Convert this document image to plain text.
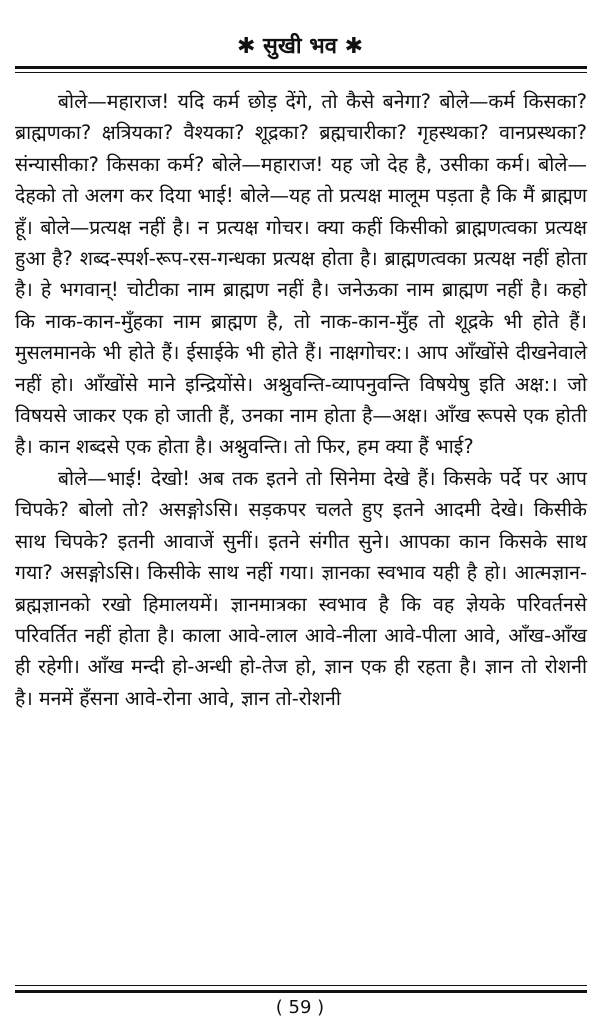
✱ सुखी भव ✱

बोले—महाराज! यदि कर्म छोड़ देंगे, तो कैसे बनेगा? बोले—कर्म किसका? ब्राह्मणका? क्षत्रियका? वैश्यका? शूद्रका? ब्रह्मचारीका? गृहस्थका? वानप्रस्थका? संन्यासीका? किसका कर्म? बोले—महाराज! यह जो देह है, उसीका कर्म। बोले—देहको तो अलग कर दिया भाई! बोले—यह तो प्रत्यक्ष मालूम पड़ता है कि मैं ब्राह्मण हूँ। बोले—प्रत्यक्ष नहीं है। न प्रत्यक्ष गोचर। क्या कहीं किसीको ब्राह्मणत्वका प्रत्यक्ष हुआ है? शब्द-स्पर्श-रूप-रस-गन्धका प्रत्यक्ष होता है। ब्राह्मणत्वका प्रत्यक्ष नहीं होता है। हे भगवान्! चोटीका नाम ब्राह्मण नहीं है। जनेऊका नाम ब्राह्मण नहीं है। कहो कि नाक-कान-मुँहका नाम ब्राह्मण है, तो नाक-कान-मुँह तो शूद्रके भी होते हैं। मुसलमानके भी होते हैं। ईसाईके भी होते हैं। नाक्षगोचर:। आप आँखोंसे दीखनेवाले नहीं हो। आँखोंसे माने इन्द्रियोंसे। अश्नुवन्ति-व्यापनुवन्ति विषयेषु इति अक्ष:। जो विषयसे जाकर एक हो जाती हैं, उनका नाम होता है—अक्ष। आँख रूपसे एक होती है। कान शब्दसे एक होता है। अश्नुवन्ति। तो फिर, हम क्या हैं भाई?

बोले—भाई! देखो! अब तक इतने तो सिनेमा देखे हैं। किसके पर्दे पर आप चिपके? बोलो तो? असङ्गोऽसि। सड़कपर चलते हुए इतने आदमी देखे। किसीके साथ चिपके? इतनी आवाजें सुनीं। इतने संगीत सुने। आपका कान किसके साथ गया? असङ्गोऽसि। किसीके साथ नहीं गया। ज्ञानका स्वभाव यही है हो। आत्मज्ञान-ब्रह्मज्ञानको रखो हिमालयमें। ज्ञानमात्रका स्वभाव है कि वह ज्ञेयके परिवर्तनसे परिवर्तित नहीं होता है। काला आवे-लाल आवे-नीला आवे-पीला आवे, आँख-आँख ही रहेगी। आँख मन्दी हो-अन्धी हो-तेज हो, ज्ञान एक ही रहता है। ज्ञान तो रोशनी है। मनमें हँसना आवे-रोना आवे, ज्ञान तो-रोशनी

( 59 )
